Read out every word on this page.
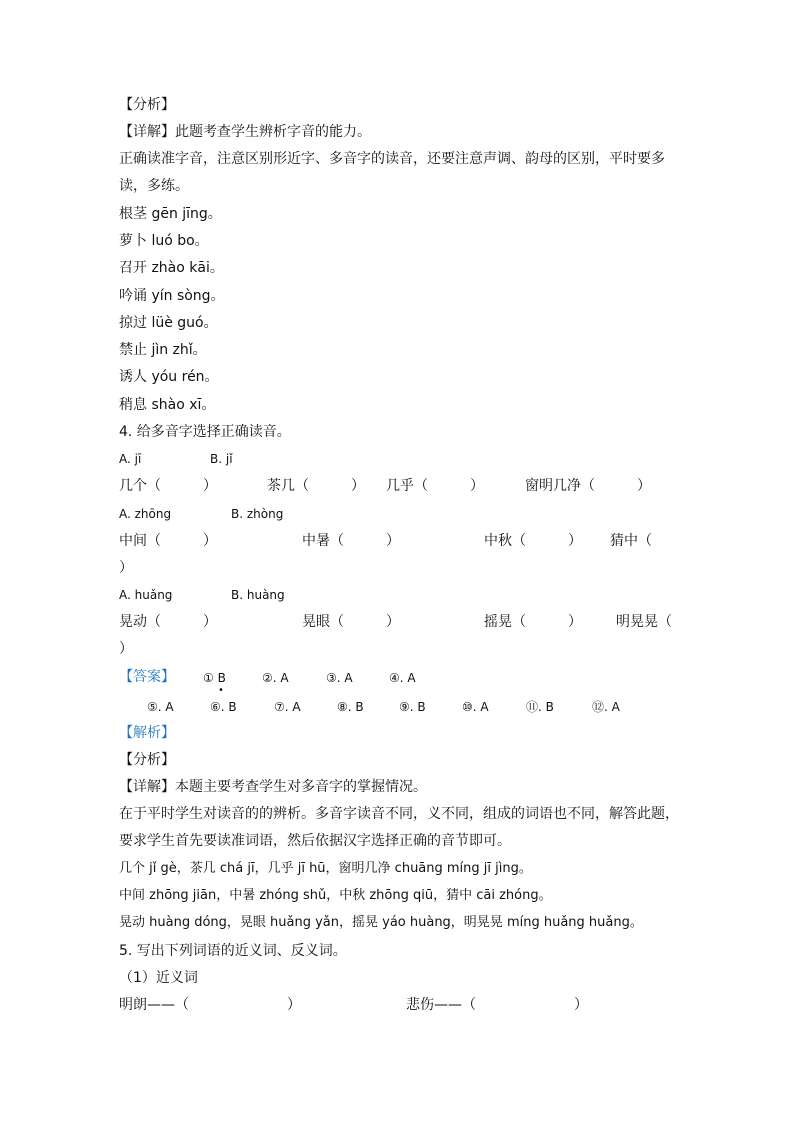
【分析】
【详解】此题考查学生辨析字音的能力。
正确读准字音，注意区别形近字、多音字的读音，还要注意声调、韵母的区别，平时要多
读，多练。
根茎 gēn jīng。
萝卜 luó bo。
召开 zhào kāi。
吟诵 yín sòng。
掠过 lüè guó。
禁止 jìn zhǐ。
诱人 yóu rén。
稍息 shào xī。
4. 给多音字选择正确读音。
A. jī	B. jǐ
几个（　　　）	茶几（　　　） 几乎（　　　）	窗明几净（　　　）
A. zhōng	B. zhòng
中间（　　　）	中暑（　　　）	中秋（　　　） 猜中（
）
A. huǎng	B. huàng
晃动（　　　）	晃眼（　　　）	摇晃（　　　） 明晃晃（
）
【答案】 ① B	②. A	③. A	④. A
•
⑤. A	⑥. B	⑦. A	⑧. B	⑨. B	⑩. A	⑪. B	⑫. A
【解析】
【分析】
【详解】本题主要考查学生对多音字的掌握情况。
在于平时学生对读音的的辨析。多音字读音不同，义不同，组成的词语也不同，解答此题，
要求学生首先要读准词语，然后依据汉字选择正确的音节即可。
几个 jǐ gè，茶几 chá jī，几乎 jī hū，窗明几净 chuāng míng jī jìng。
中间 zhōng jiān，中暑 zhóng shǔ，中秋 zhōng qiū，猜中 cāi zhóng。
晃动 huàng dóng，晃眼 huǎng yǎn，摇晃 yáo huàng，明晃晃 míng huǎng huǎng。
5. 写出下列词语的近义词、反义词。
（1）近义词
明朗——（　　　　　　　）	悲伤——（　　　　　　　）
